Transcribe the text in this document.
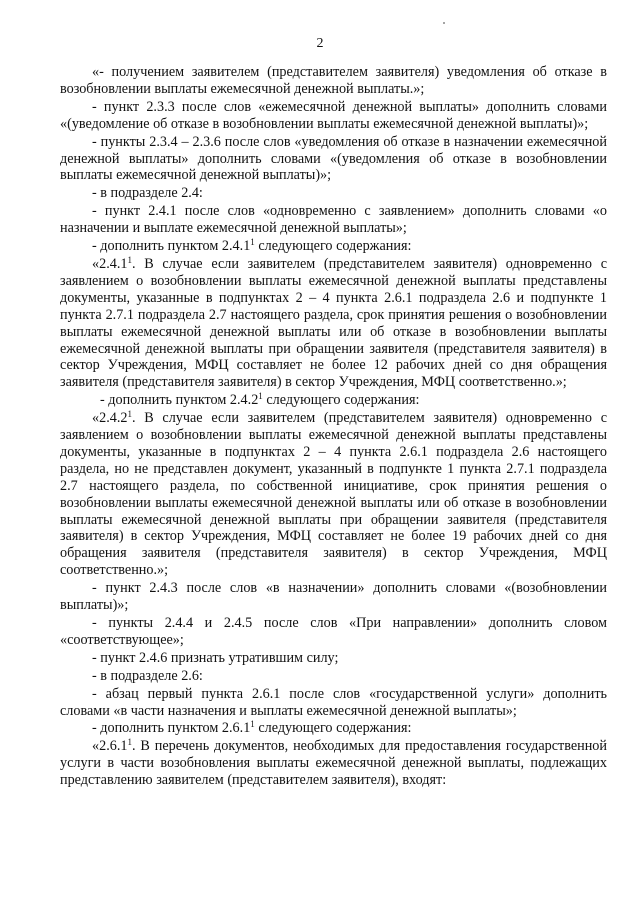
2

«- получением заявителем (представителем заявителя) уведомления об отказе в возобновлении выплаты ежемесячной денежной выплаты.»;

- пункт 2.3.3 после слов «ежемесячной денежной выплаты» дополнить словами «(уведомление об отказе в возобновлении выплаты ежемесячной денежной выплаты)»;

- пункты 2.3.4 – 2.3.6 после слов «уведомления об отказе в назначении ежемесячной денежной выплаты» дополнить словами «(уведомления об отказе в возобновлении выплаты ежемесячной денежной выплаты)»;

- в подразделе 2.4:

- пункт 2.4.1 после слов «одновременно с заявлением» дополнить словами «о назначении и выплате ежемесячной денежной выплаты»;

- дополнить пунктом 2.4.1$^1$ следующего содержания:

«2.4.1$^1$. В случае если заявителем (представителем заявителя) одновременно с заявлением о возобновлении выплаты ежемесячной денежной выплаты представлены документы, указанные в подпунктах 2 – 4 пункта 2.6.1 подраздела 2.6 и подпункте 1 пункта 2.7.1 подраздела 2.7 настоящего раздела, срок принятия решения о возобновлении выплаты ежемесячной денежной выплаты или об отказе в возобновлении выплаты ежемесячной денежной выплаты при обращении заявителя (представителя заявителя) в сектор Учреждения, МФЦ составляет не более 12 рабочих дней со дня обращения заявителя (представителя заявителя) в сектор Учреждения, МФЦ соответственно.»;

- дополнить пунктом 2.4.2$^1$ следующего содержания:

«2.4.2$^1$. В случае если заявителем (представителем заявителя) одновременно с заявлением о возобновлении выплаты ежемесячной денежной выплаты представлены документы, указанные в подпунктах 2 – 4 пункта 2.6.1 подраздела 2.6 настоящего раздела, но не представлен документ, указанный в подпункте 1 пункта 2.7.1 подраздела 2.7 настоящего раздела, по собственной инициативе, срок принятия решения о возобновлении выплаты ежемесячной денежной выплаты или об отказе в возобновлении выплаты ежемесячной денежной выплаты при обращении заявителя (представителя заявителя) в сектор Учреждения, МФЦ составляет не более 19 рабочих дней со дня обращения заявителя (представителя заявителя) в сектор Учреждения, МФЦ соответственно.»;

- пункт 2.4.3 после слов «в назначении» дополнить словами «(возобновлении выплаты)»;

- пункты 2.4.4 и 2.4.5 после слов «При направлении» дополнить словом «соответствующее»;

- пункт 2.4.6 признать утратившим силу;

- в подразделе 2.6:

- абзац первый пункта 2.6.1 после слов «государственной услуги» дополнить словами «в части назначения и выплаты ежемесячной денежной выплаты»;

- дополнить пунктом 2.6.1$^1$ следующего содержания:

«2.6.1$^1$. В перечень документов, необходимых для предоставления государственной услуги в части возобновления выплаты ежемесячной денежной выплаты, подлежащих представлению заявителем (представителем заявителя), входят:
